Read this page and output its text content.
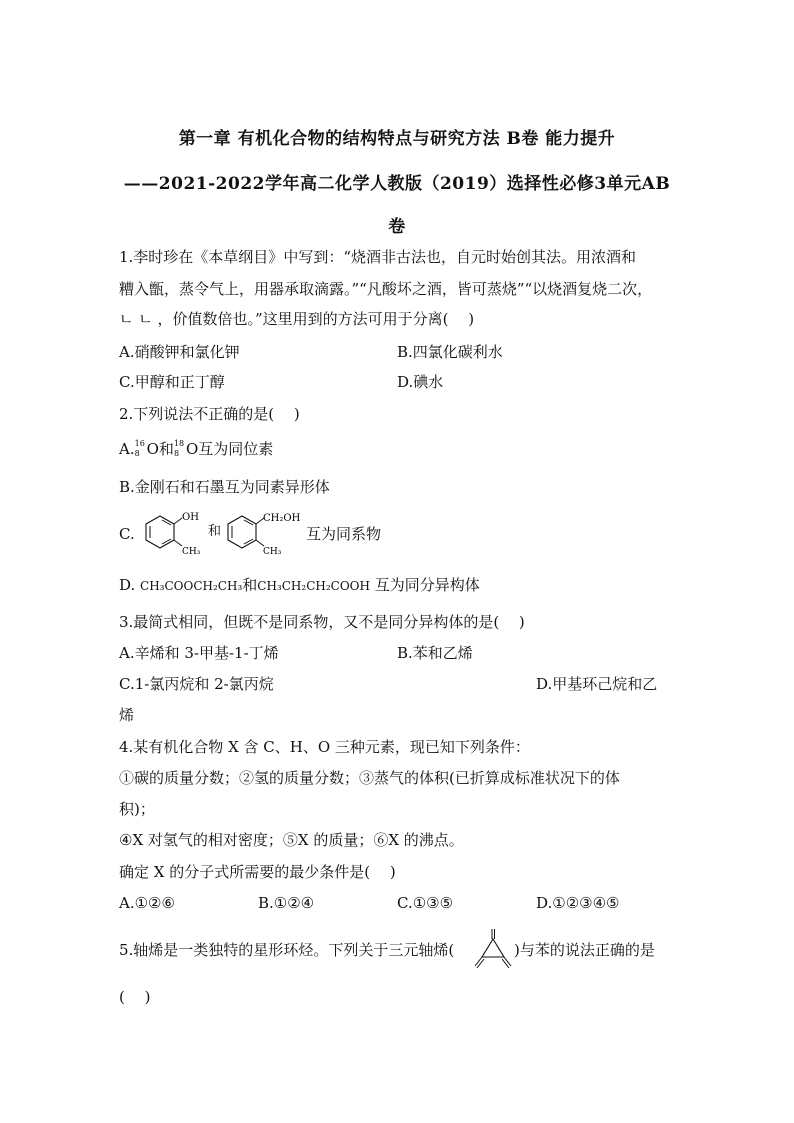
第一章 有机化合物的结构特点与研究方法 B卷 能力提升
——2021-2022学年高二化学人教版（2019）选择性必修3单元AB
卷
1.李时珍在《本草纲目》中写到：“烧酒非古法也，自元时始创其法。用浓酒和
糟入甑，蒸令气上，用器承取滴露。”“凡酸坏之酒，皆可蒸烧”“以烧酒复烧二次，
ㄴ ㄴ ，价值数倍也。”这里用到的方法可用于分离(　 )
A.硝酸钾和氯化钾	B.四氯化碳利水
C.甲醇和正丁醇	D.碘水
2.下列说法不正确的是(　 )
A. 16
8 O和 18
8 O互为同位素
B.金刚石和石墨互为同素异形体
C.
OH
CH₃
和
CH₂OH
CH₃
互为同系物
D. CH₃COOCH₂CH₃和CH₃CH₂CH₂COOH 互为同分异构体
3.最简式相同，但既不是同系物，又不是同分异构体的是(　 )
A.辛烯和 3-甲基-1-丁烯	B.苯和乙烯
C.1-氯丙烷和 2-氯丙烷	D.甲基环己烷和乙
烯
4.某有机化合物 X 含 C、H、O 三种元素，现已知下列条件：
①碳的质量分数；②氢的质量分数；③蒸气的体积(已折算成标准状况下的体
积)；
④X 对氢气的相对密度；⑤X 的质量；⑥X 的沸点。
确定 X 的分子式所需要的最少条件是(　 )
A.①②⑥	B.①②④	C.①③⑤	D.①②③④⑤
5.轴烯是一类独特的星形环烃。下列关于三元轴烯(	)与苯的说法正确的是
(　 )
